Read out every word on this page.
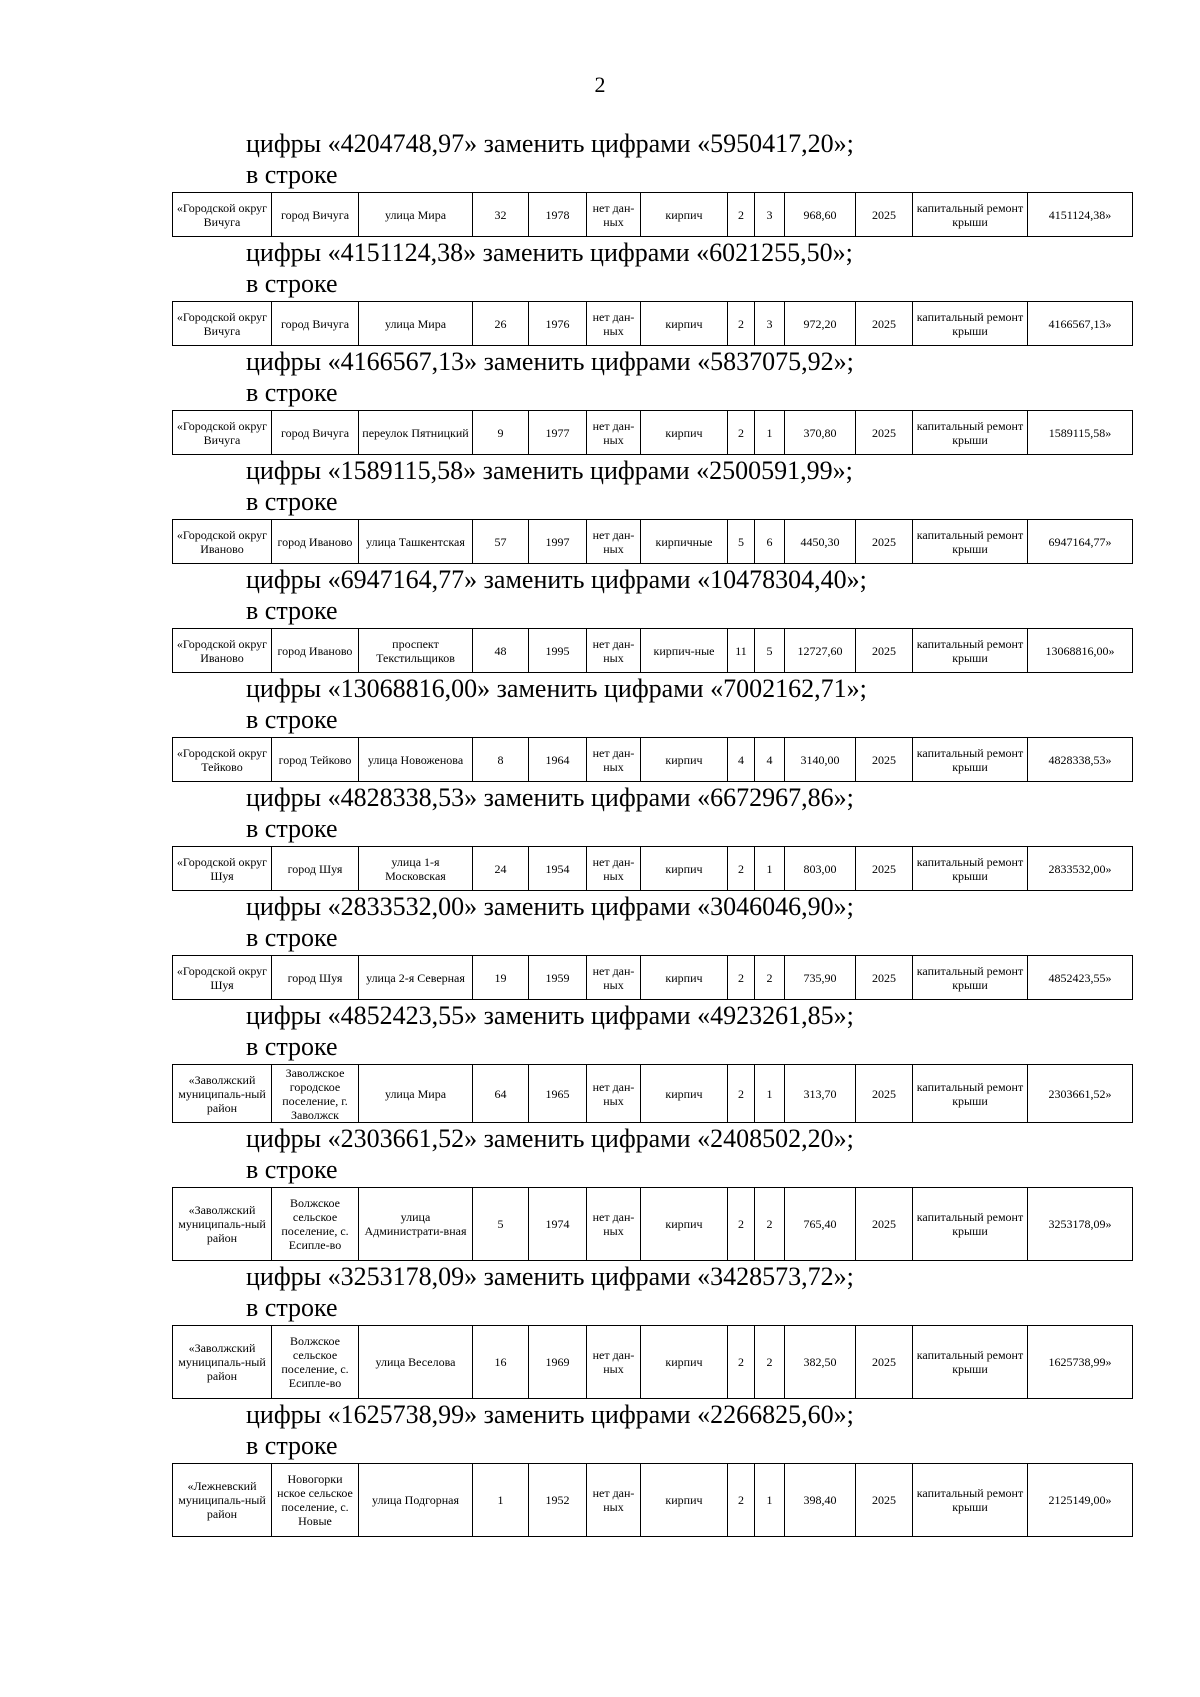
2
цифры «4204748,97» заменить цифрами «5950417,20»;
в строке
«Городской округ Вичуга	город Вичуга	улица Мира	32	1978	нет дан-ных	кирпич	2	3	968,60	2025	капитальный ремонт крыши	4151124,38»
цифры «4151124,38» заменить цифрами «6021255,50»;
в строке
«Городской округ Вичуга	город Вичуга	улица Мира	26	1976	нет дан-ных	кирпич	2	3	972,20	2025	капитальный ремонт крыши	4166567,13»
цифры «4166567,13» заменить цифрами «5837075,92»;
в строке
«Городской округ Вичуга	город Вичуга	переулок Пятницкий	9	1977	нет дан-ных	кирпич	2	1	370,80	2025	капитальный ремонт крыши	1589115,58»
цифры «1589115,58» заменить цифрами «2500591,99»;
в строке
«Городской округ Иваново	город Иваново	улица Ташкентская	57	1997	нет дан-ных	кирпичные	5	6	4450,30	2025	капитальный ремонт крыши	6947164,77»
цифры «6947164,77» заменить цифрами «10478304,40»;
в строке
«Городской округ Иваново	город Иваново	проспект Текстильщиков	48	1995	нет дан-ных	кирпич-ные	11	5	12727,60	2025	капитальный ремонт крыши	13068816,00»
цифры «13068816,00» заменить цифрами «7002162,71»;
в строке
«Городской округ Тейково	город Тейково	улица Новоженова	8	1964	нет дан-ных	кирпич	4	4	3140,00	2025	капитальный ремонт крыши	4828338,53»
цифры «4828338,53» заменить цифрами «6672967,86»;
в строке
«Городской округ Шуя	город Шуя	улица 1-я Московская	24	1954	нет дан-ных	кирпич	2	1	803,00	2025	капитальный ремонт крыши	2833532,00»
цифры «2833532,00» заменить цифрами «3046046,90»;
в строке
«Городской округ Шуя	город Шуя	улица 2-я Северная	19	1959	нет дан-ных	кирпич	2	2	735,90	2025	капитальный ремонт крыши	4852423,55»
цифры «4852423,55» заменить цифрами «4923261,85»;
в строке
«Заволжский муниципаль-ный район	Заволжское городское поселение, г. Заволжск	улица Мира	64	1965	нет дан-ных	кирпич	2	1	313,70	2025	капитальный ремонт крыши	2303661,52»
цифры «2303661,52» заменить цифрами «2408502,20»;
в строке
«Заволжский муниципаль-ный район	Волжское сельское поселение, с. Есипле-во	улица Администрати-вная	5	1974	нет дан-ных	кирпич	2	2	765,40	2025	капитальный ремонт крыши	3253178,09»
цифры «3253178,09» заменить цифрами «3428573,72»;
в строке
«Заволжский муниципаль-ный район	Волжское сельское поселение, с. Есипле-во	улица Веселова	16	1969	нет дан-ных	кирпич	2	2	382,50	2025	капитальный ремонт крыши	1625738,99»
цифры «1625738,99» заменить цифрами «2266825,60»;
в строке
«Лежневский муниципаль-ный район	Новогорки нское сельское поселение, с. Новые	улица Подгорная	1	1952	нет дан-ных	кирпич	2	1	398,40	2025	капитальный ремонт крыши	2125149,00»
